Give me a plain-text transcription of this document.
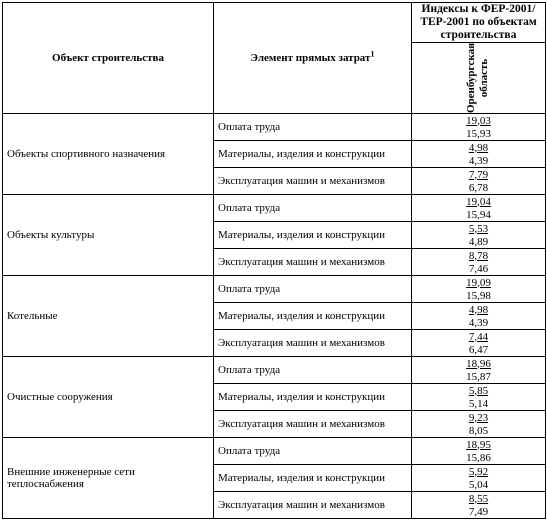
Объект строительства	Элемент прямых затрат$^1$	Индексы к ФЕР-2001/ТЕР-2001 по объектам строительства
		Оренбургская
область
Объекты спортивного назначения	Оплата труда	19,03
15,93

	Материалы, изделия и конструкции	4,98
4,39

	Эксплуатация машин и механизмов	7,79
6,78

Объекты культуры	Оплата труда	19,04
15,94

	Материалы, изделия и конструкции	5,53
4,89

	Эксплуатация машин и механизмов	8,78
7,46

Котельные	Оплата труда	19,09
15,98

	Материалы, изделия и конструкции	4,98
4,39

	Эксплуатация машин и механизмов	7,44
6,47

Очистные сооружения	Оплата труда	18,96
15,87

	Материалы, изделия и конструкции	5,85
5,14

	Эксплуатация машин и механизмов	9,23
8,05

Внешние инженерные сети теплоснабжения	Оплата труда	18,95
15,86

	Материалы, изделия и конструкции	5,92
5,04

	Эксплуатация машин и механизмов	8,55
7,49
